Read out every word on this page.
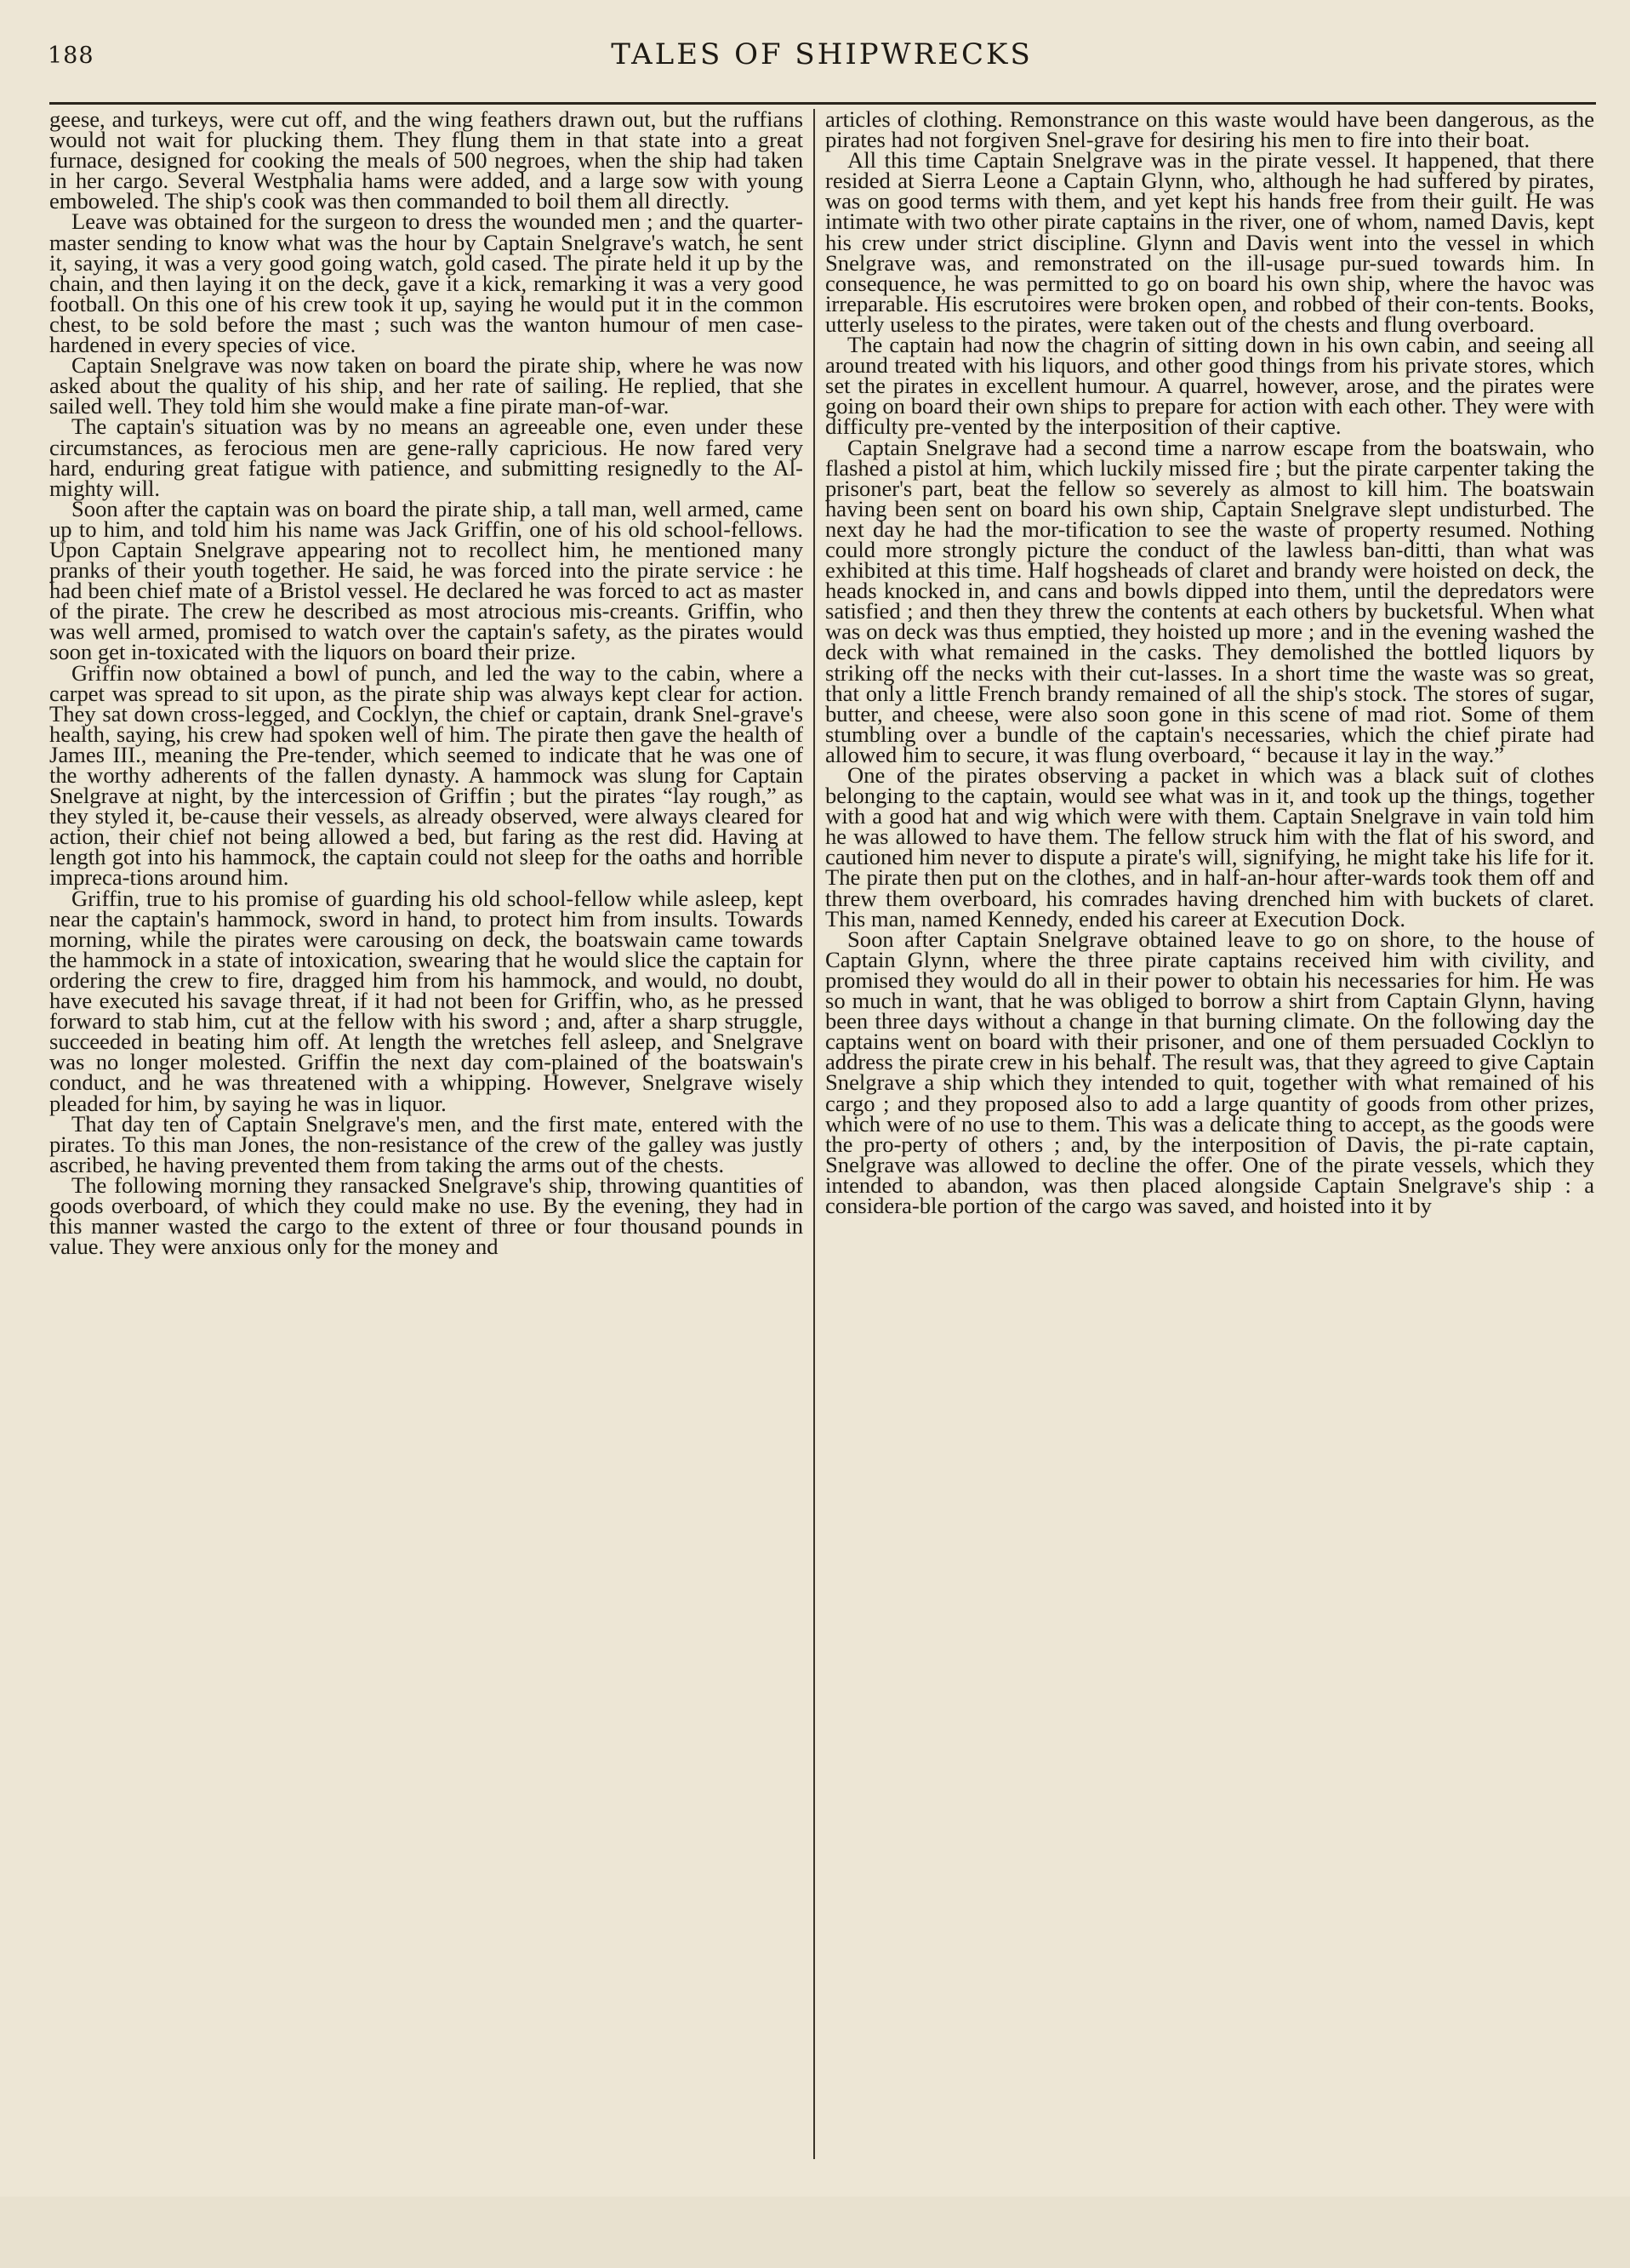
188	TALES OF SHIPWRECKS

geese, and turkeys, were cut off, and the wing feathers drawn out, but the ruffians would not wait for plucking them. They flung them in that state into a great furnace, designed for cooking the meals of 500 negroes, when the ship had taken in her cargo. Several Westphalia hams were added, and a large sow with young emboweled. The ship's cook was then commanded to boil them all directly.

Leave was obtained for the surgeon to dress the wounded men ; and the quarter-master sending to know what was the hour by Captain Snelgrave's watch, he sent it, saying, it was a very good going watch, gold cased. The pirate held it up by the chain, and then laying it on the deck, gave it a kick, remarking it was a very good football. On this one of his crew took it up, saying he would put it in the common chest, to be sold before the mast ; such was the wanton humour of men case-hardened in every species of vice.

Captain Snelgrave was now taken on board the pirate ship, where he was now asked about the quality of his ship, and her rate of sailing. He replied, that she sailed well. They told him she would make a fine pirate man-of-war.

The captain's situation was by no means an agreeable one, even under these circumstances, as ferocious men are gene-rally capricious. He now fared very hard, enduring great fatigue with patience, and submitting resignedly to the Al-mighty will.

Soon after the captain was on board the pirate ship, a tall man, well armed, came up to him, and told him his name was Jack Griffin, one of his old school-fellows. Upon Captain Snelgrave appearing not to recollect him, he mentioned many pranks of their youth together. He said, he was forced into the pirate service : he had been chief mate of a Bristol vessel. He declared he was forced to act as master of the pirate. The crew he described as most atrocious mis-creants. Griffin, who was well armed, promised to watch over the captain's safety, as the pirates would soon get in-toxicated with the liquors on board their prize.

Griffin now obtained a bowl of punch, and led the way to the cabin, where a carpet was spread to sit upon, as the pirate ship was always kept clear for action. They sat down cross-legged, and Cocklyn, the chief or captain, drank Snel-grave's health, saying, his crew had spoken well of him. The pirate then gave the health of James III., meaning the Pre-tender, which seemed to indicate that he was one of the worthy adherents of the fallen dynasty. A hammock was slung for Captain Snelgrave at night, by the intercession of Griffin ; but the pirates “lay rough,” as they styled it, be-cause their vessels, as already observed, were always cleared for action, their chief not being allowed a bed, but faring as the rest did. Having at length got into his hammock, the captain could not sleep for the oaths and horrible impreca-tions around him.

Griffin, true to his promise of guarding his old school-fellow while asleep, kept near the captain's hammock, sword in hand, to protect him from insults. Towards morning, while the pirates were carousing on deck, the boatswain came towards the hammock in a state of intoxication, swearing that he would slice the captain for ordering the crew to fire, dragged him from his hammock, and would, no doubt, have executed his savage threat, if it had not been for Griffin, who, as he pressed forward to stab him, cut at the fellow with his sword ; and, after a sharp struggle, succeeded in beating him off. At length the wretches fell asleep, and Snelgrave was no longer molested. Griffin the next day com-plained of the boatswain's conduct, and he was threatened with a whipping. However, Snelgrave wisely pleaded for him, by saying he was in liquor.

That day ten of Captain Snelgrave's men, and the first mate, entered with the pirates. To this man Jones, the non-resistance of the crew of the galley was justly ascribed, he having prevented them from taking the arms out of the chests.

The following morning they ransacked Snelgrave's ship, throwing quantities of goods overboard, of which they could make no use. By the evening, they had in this manner wasted the cargo to the extent of three or four thousand pounds in value. They were anxious only for the money and

articles of clothing. Remonstrance on this waste would have been dangerous, as the pirates had not forgiven Snel-grave for desiring his men to fire into their boat.

All this time Captain Snelgrave was in the pirate vessel. It happened, that there resided at Sierra Leone a Captain Glynn, who, although he had suffered by pirates, was on good terms with them, and yet kept his hands free from their guilt. He was intimate with two other pirate captains in the river, one of whom, named Davis, kept his crew under strict discipline. Glynn and Davis went into the vessel in which Snelgrave was, and remonstrated on the ill-usage pur-sued towards him. In consequence, he was permitted to go on board his own ship, where the havoc was irreparable. His escrutoires were broken open, and robbed of their con-tents. Books, utterly useless to the pirates, were taken out of the chests and flung overboard.

The captain had now the chagrin of sitting down in his own cabin, and seeing all around treated with his liquors, and other good things from his private stores, which set the pirates in excellent humour. A quarrel, however, arose, and the pirates were going on board their own ships to prepare for action with each other. They were with difficulty pre-vented by the interposition of their captive.

Captain Snelgrave had a second time a narrow escape from the boatswain, who flashed a pistol at him, which luckily missed fire ; but the pirate carpenter taking the prisoner's part, beat the fellow so severely as almost to kill him. The boatswain having been sent on board his own ship, Captain Snelgrave slept undisturbed. The next day he had the mor-tification to see the waste of property resumed. Nothing could more strongly picture the conduct of the lawless ban-ditti, than what was exhibited at this time. Half hogsheads of claret and brandy were hoisted on deck, the heads knocked in, and cans and bowls dipped into them, until the depredators were satisfied ; and then they threw the contents at each others by bucketsful. When what was on deck was thus emptied, they hoisted up more ; and in the evening washed the deck with what remained in the casks. They demolished the bottled liquors by striking off the necks with their cut-lasses. In a short time the waste was so great, that only a little French brandy remained of all the ship's stock. The stores of sugar, butter, and cheese, were also soon gone in this scene of mad riot. Some of them stumbling over a bundle of the captain's necessaries, which the chief pirate had allowed him to secure, it was flung overboard, “ because it lay in the way.”

One of the pirates observing a packet in which was a black suit of clothes belonging to the captain, would see what was in it, and took up the things, together with a good hat and wig which were with them. Captain Snelgrave in vain told him he was allowed to have them. The fellow struck him with the flat of his sword, and cautioned him never to dispute a pirate's will, signifying, he might take his life for it. The pirate then put on the clothes, and in half-an-hour after-wards took them off and threw them overboard, his comrades having drenched him with buckets of claret. This man, named Kennedy, ended his career at Execution Dock.

Soon after Captain Snelgrave obtained leave to go on shore, to the house of Captain Glynn, where the three pirate captains received him with civility, and promised they would do all in their power to obtain his necessaries for him. He was so much in want, that he was obliged to borrow a shirt from Captain Glynn, having been three days without a change in that burning climate. On the following day the captains went on board with their prisoner, and one of them persuaded Cocklyn to address the pirate crew in his behalf. The result was, that they agreed to give Captain Snelgrave a ship which they intended to quit, together with what remained of his cargo ; and they proposed also to add a large quantity of goods from other prizes, which were of no use to them. This was a delicate thing to accept, as the goods were the pro-perty of others ; and, by the interposition of Davis, the pi-rate captain, Snelgrave was allowed to decline the offer. One of the pirate vessels, which they intended to abandon, was then placed alongside Captain Snelgrave's ship : a considera-ble portion of the cargo was saved, and hoisted into it by
